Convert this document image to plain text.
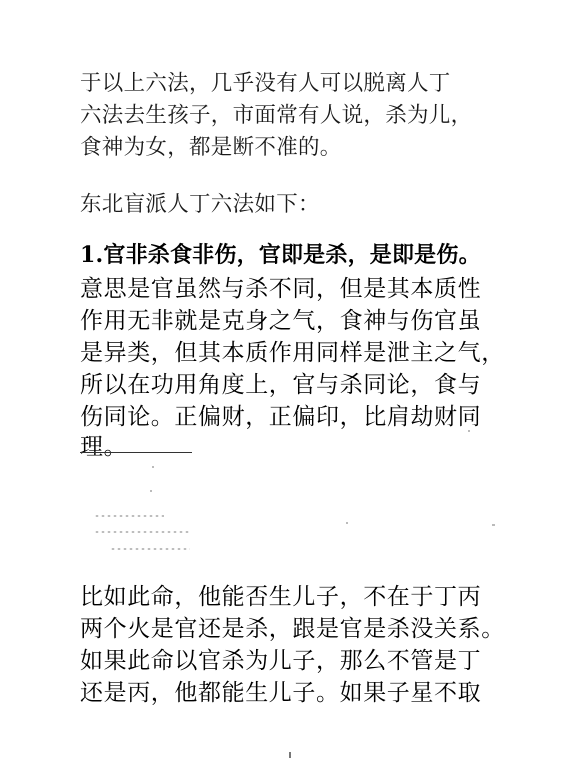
于以上六法，几乎没有人可以脱离人丁
六法去生孩子，市面常有人说，杀为儿，
食神为女，都是断不准的。
东北盲派人丁六法如下：
1.官非杀食非伤，官即是杀，是即是伤。
意思是官虽然与杀不同，但是其本质性
作用无非就是克身之气，食神与伤官虽
是异类，但其本质作用同样是泄主之气，
所以在功用角度上，官与杀同论，食与
伤同论。正偏财，正偏印，比肩劫财同
理。
比如此命，他能否生儿子，不在于丁丙
两个火是官还是杀，跟是官是杀没关系。
如果此命以官杀为儿子，那么不管是丁
还是丙，他都能生儿子。如果子星不取
